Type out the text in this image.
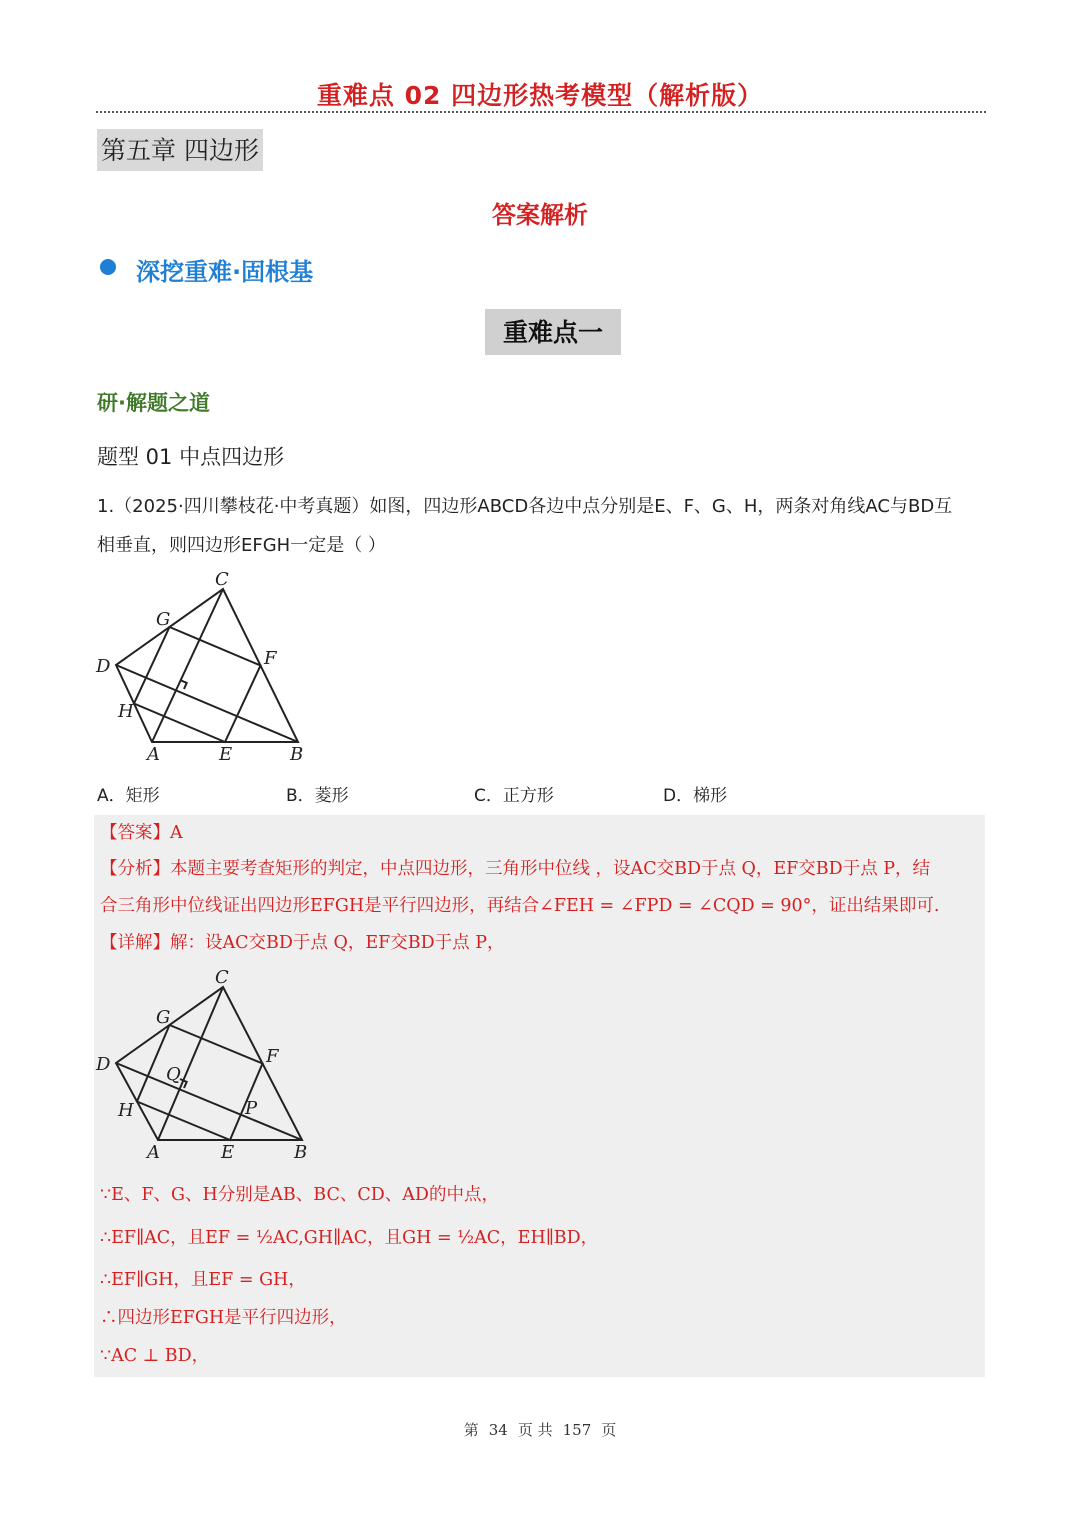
重难点 02 四边形热考模型（解析版）
第五章 四边形
答案解析
深挖重难·固根基
重难点一
研·解题之道
题型 01 中点四边形
1.（2025·四川攀枝花·中考真题）如图，四边形ABCD各边中点分别是E、F、G、H，两条对角线AC与BD互
相垂直，则四边形EFGH一定是（ ）
C
G
D	F
H
A	E	B
A．矩形	B．菱形	C．正方形	D．梯形
【答案】A
【分析】本题主要考查矩形的判定，中点四边形，三角形中位线 ，设AC交BD于点 Q，EF交BD于点 P，结
合三角形中位线证出四边形EFGH是平行四边形，再结合∠FEH = ∠FPD = ∠CQD = 90°，证出结果即可.
【详解】解：设AC交BD于点 Q，EF交BD于点 P，
C
G
D	F
Q
P
H
A	E	B
∵E、F、G、H分别是AB、BC、CD、AD的中点，
∴EF∥AC，且EF = ½AC,GH∥AC，且GH = ½AC，EH∥BD，
∴EF∥GH，且EF = GH，
∴四边形EFGH是平行四边形，
∵AC ⊥ BD，
第 34 页 共 157 页
